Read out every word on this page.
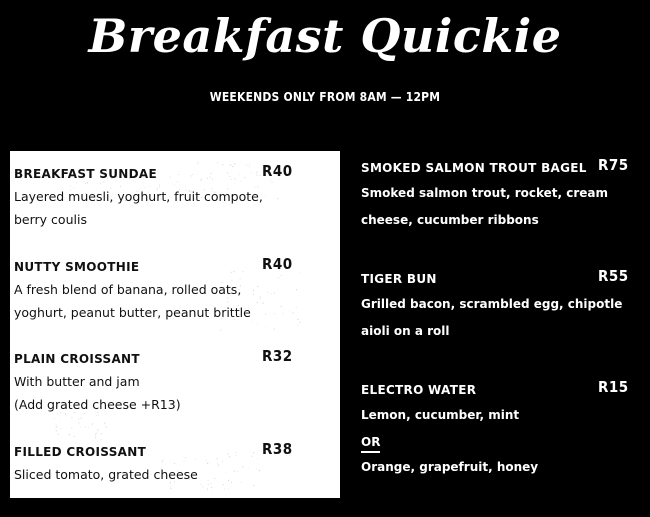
Breakfast Quickie
WEEKENDS ONLY FROM 8AM — 12PM
BREAKFAST SUNDAE	R40
Layered muesli, yoghurt, fruit compote,
berry coulis
NUTTY SMOOTHIE	R40
A fresh blend of banana, rolled oats,
yoghurt, peanut butter, peanut brittle
PLAIN CROISSANT	R32
With butter and jam
(Add grated cheese +R13)
FILLED CROISSANT	R38
Sliced tomato, grated cheese
SMOKED SALMON TROUT BAGEL R75
Smoked salmon trout, rocket, cream
cheese, cucumber ribbons
TIGER BUN	R55
Grilled bacon, scrambled egg, chipotle
aioli on a roll
ELECTRO WATER	R15
Lemon, cucumber, mint
OR
Orange, grapefruit, honey
